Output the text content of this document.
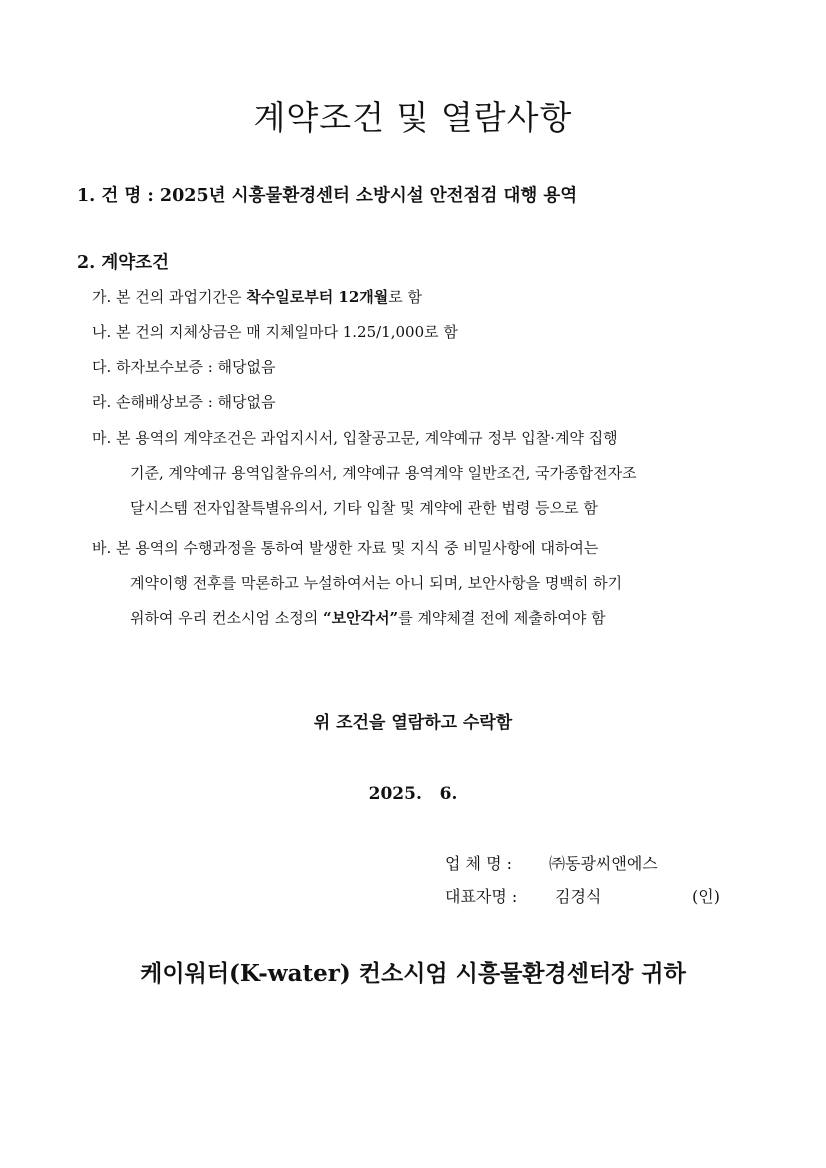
계약조건 및 열람사항
1. 건 명 : 2025년 시흥물환경센터 소방시설 안전점검 대행 용역
2. 계약조건
가. 본 건의 과업기간은 착수일로부터 12개월로 함
나. 본 건의 지체상금은 매 지체일마다 1.25/1,000로 함
다. 하자보수보증 : 해당없음
라. 손해배상보증 : 해당없음
마. 본 용역의 계약조건은 과업지시서, 입찰공고문, 계약예규 정부 입찰·계약 집행
기준, 계약예규 용역입찰유의서, 계약예규 용역계약 일반조건, 국가종합전자조
달시스템 전자입찰특별유의서, 기타 입찰 및 계약에 관한 법령 등으로 함
바. 본 용역의 수행과정을 통하여 발생한 자료 및 지식 중 비밀사항에 대하여는
계약이행 전후를 막론하고 누설하여서는 아니 되며, 보안사항을 명백히 하기
위하여 우리 컨소시엄 소정의 “보안각서”를 계약체결 전에 제출하여야 함
위 조건을 열람하고 수락함
2025.   6.
업 체 명 : ㈜동광씨앤에스
대표자명 : 김경식	(인)
케이워터(K-water) 컨소시엄 시흥물환경센터장 귀하
